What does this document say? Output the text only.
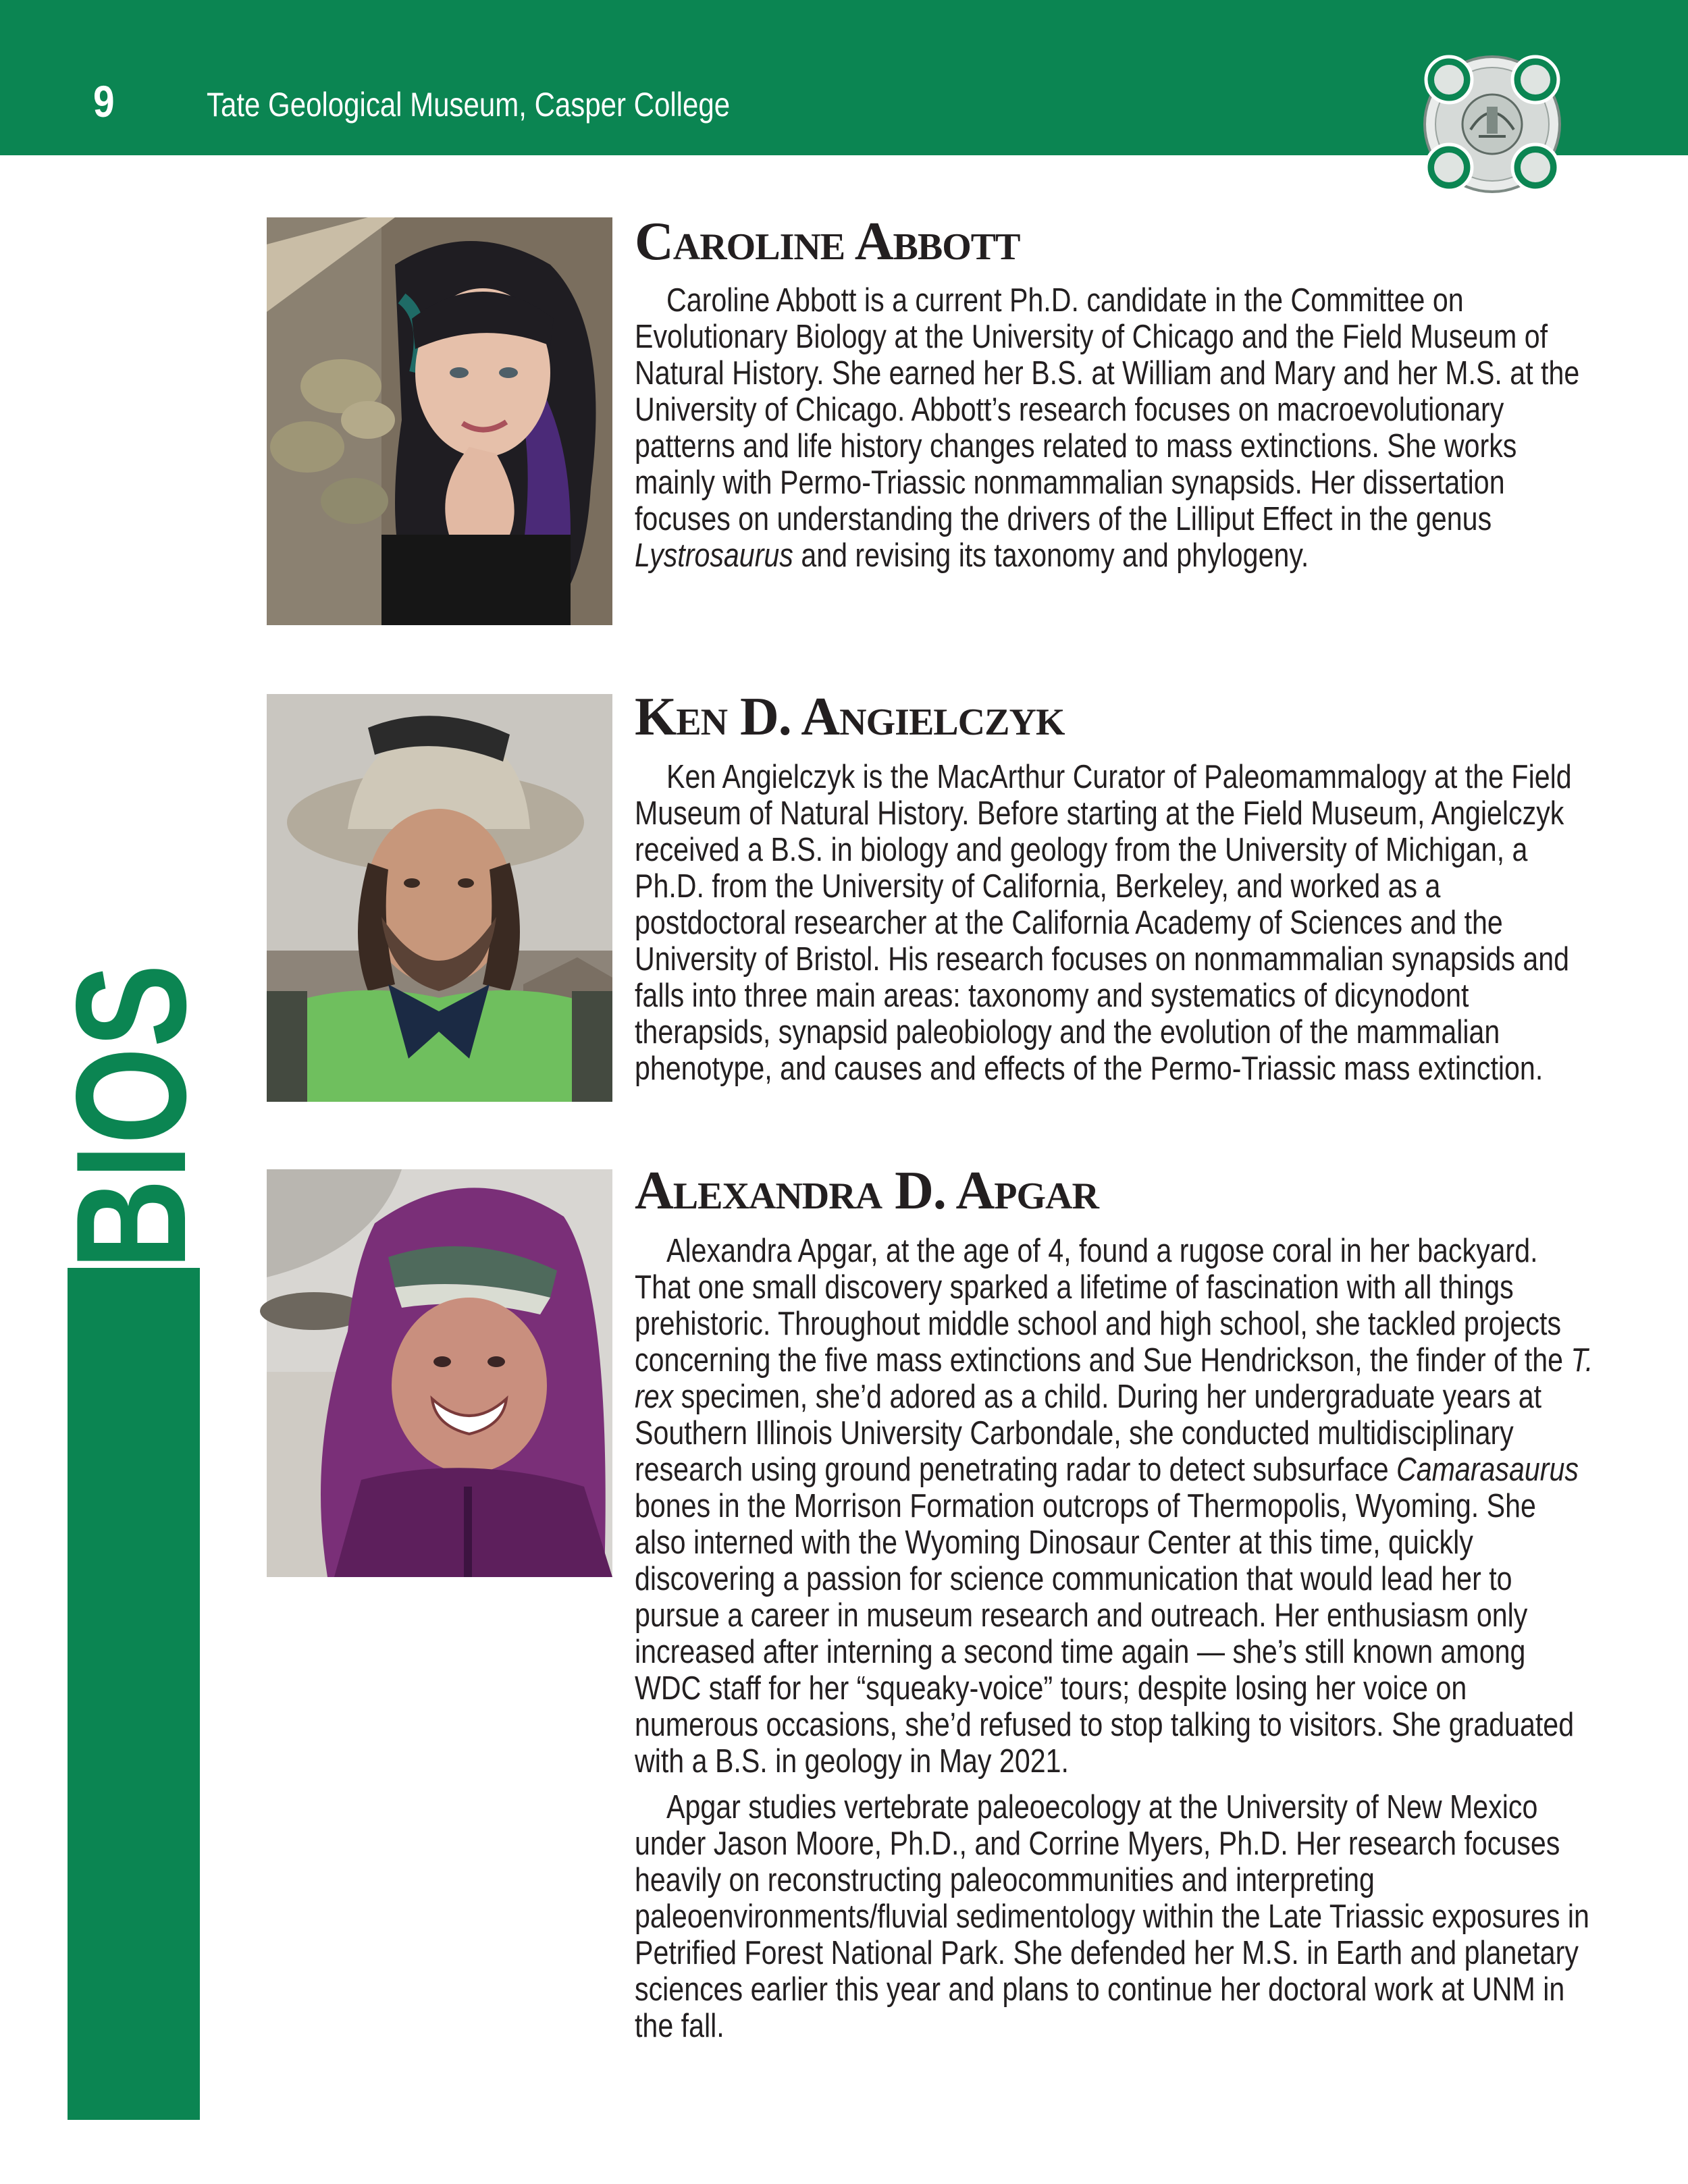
9	Tate Geological Museum, Casper College
BIOS
Caroline Abbott

Caroline Abbott is a current Ph.D. candidate in the Committee on Evolutionary Biology at the University of Chicago and the Field Museum of Natural History. She earned her B.S. at William and Mary and her M.S. at the University of Chicago. Abbott’s research focuses on macroevolutionary patterns and life history changes related to mass extinctions. She works mainly with Permo-Triassic nonmammalian synapsids. Her dissertation focuses on understanding the drivers of the Lilliput Effect in the genus Lystrosaurus and revising its taxonomy and phylogeny.

Ken D. Angielczyk

Ken Angielczyk is the MacArthur Curator of Paleomammalogy at the Field Museum of Natural History. Before starting at the Field Museum, Angielczyk received a B.S. in biology and geology from the University of Michigan, a Ph.D. from the University of California, Berkeley, and worked as a postdoctoral researcher at the California Academy of Sciences and the University of Bristol. His research focuses on nonmammalian synapsids and falls into three main areas: taxonomy and systematics of dicynodont therapsids, synapsid paleobiology and the evolution of the mammalian phenotype, and causes and effects of the Permo-Triassic mass extinction.

Alexandra D. Apgar

Alexandra Apgar, at the age of 4, found a rugose coral in her backyard. That one small discovery sparked a lifetime of fascination with all things prehistoric. Throughout middle school and high school, she tackled projects concerning the five mass extinctions and Sue Hendrickson, the finder of the T. rex specimen, she’d adored as a child. During her undergraduate years at Southern Illinois University Carbondale, she conducted multidisciplinary research using ground penetrating radar to detect subsurface Camarasaurus bones in the Morrison Formation outcrops of Thermopolis, Wyoming. She also interned with the Wyoming Dinosaur Center at this time, quickly discovering a passion for science communication that would lead her to pursue a career in museum research and outreach. Her enthusiasm only increased after interning a second time again — she’s still known among WDC staff for her “squeaky-voice” tours; despite losing her voice on numerous occasions, she’d refused to stop talking to visitors. She graduated with a B.S. in geology in May 2021.

Apgar studies vertebrate paleoecology at the University of New Mexico under Jason Moore, Ph.D., and Corrine Myers, Ph.D. Her research focuses heavily on reconstructing paleocommunities and interpreting paleoenvironments/fluvial sedimentology within the Late Triassic exposures in Petrified Forest National Park. She defended her M.S. in Earth and planetary sciences earlier this year and plans to continue her doctoral work at UNM in the fall.
